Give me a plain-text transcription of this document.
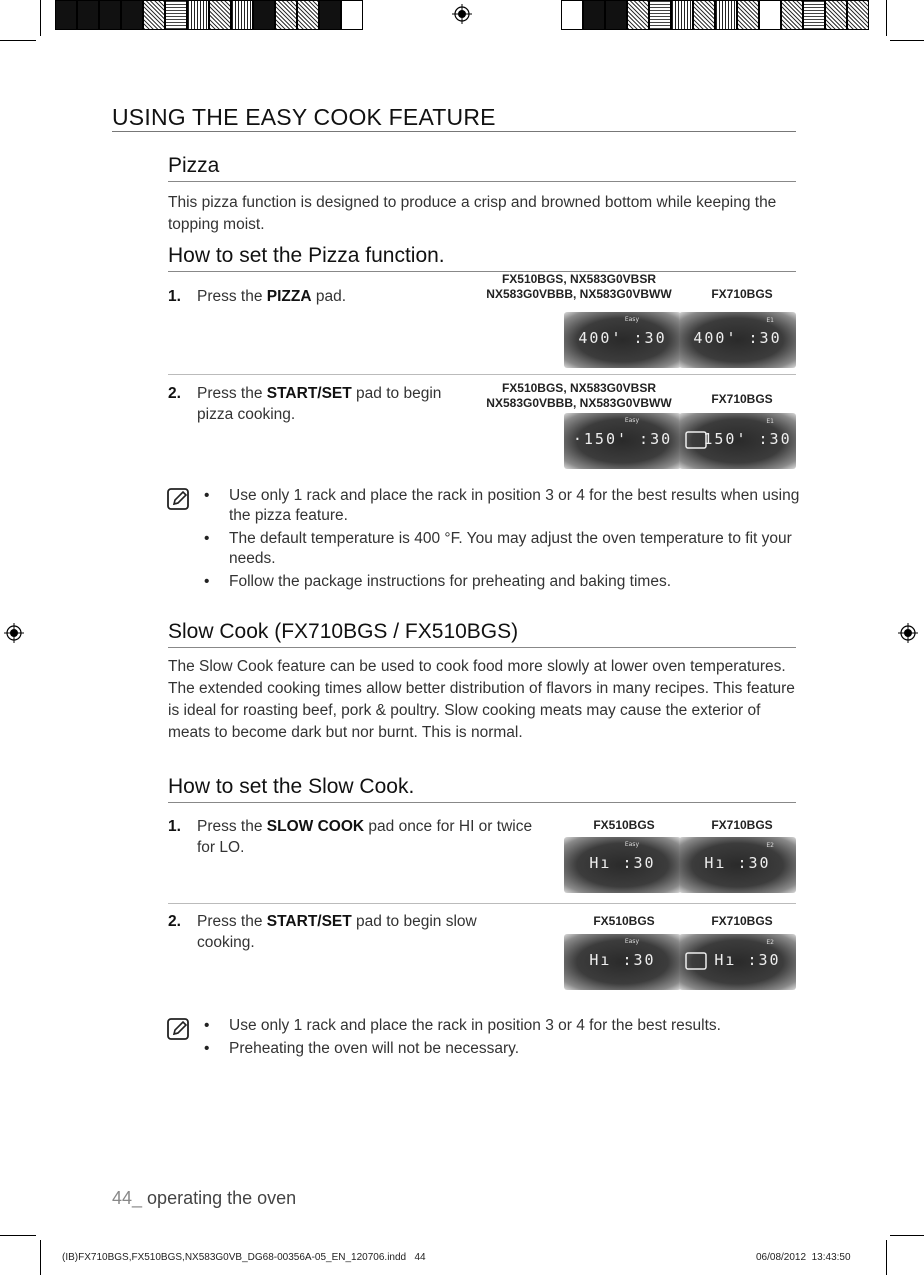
USING THE EASY COOK FEATURE
Pizza

This pizza function is designed to produce a crisp and browned bottom while keeping the topping moist.

How to set the Pizza function.
1. Press the PIZZA pad.
FX510BGS, NX583G0VBSR
NX583G0VBBB, NX583G0VBWW	FX710BGS
Easy
400' :30
E1
400' :30
2. Press the START/SET pad to begin pizza cooking.
FX510BGS, NX583G0VBSR
NX583G0VBBB, NX583G0VBWW	FX710BGS
Easy
·150' :30
E1
150' :30
• Use only 1 rack and place the rack in position 3 or 4 for the best results when using the pizza feature.
• The default temperature is 400 °F. You may adjust the oven temperature to fit your needs.
• Follow the package instructions for preheating and baking times.
Slow Cook (FX710BGS / FX510BGS)

The Slow Cook feature can be used to cook food more slowly at lower oven temperatures. The extended cooking times allow better distribution of flavors in many recipes. This feature is ideal for roasting beef, pork & poultry. Slow cooking meats may cause the exterior of meats to become dark but nor burnt. This is normal.

How to set the Slow Cook.
1. Press the SLOW COOK pad once for HI or twice for LO.
FX510BGS	FX710BGS
Easy
Hı :30
E2
Hı :30
2. Press the START/SET pad to begin slow cooking.
FX510BGS	FX710BGS
Easy
Hı :30
E2
Hı :30
• Use only 1 rack and place the rack in position 3 or 4 for the best results.
• Preheating the oven will not be necessary.
44_ operating the oven
(IB)FX710BGS,FX510BGS,NX583G0VB_DG68-00356A-05_EN_120706.indd 44	06/08/2012 13:43:50
